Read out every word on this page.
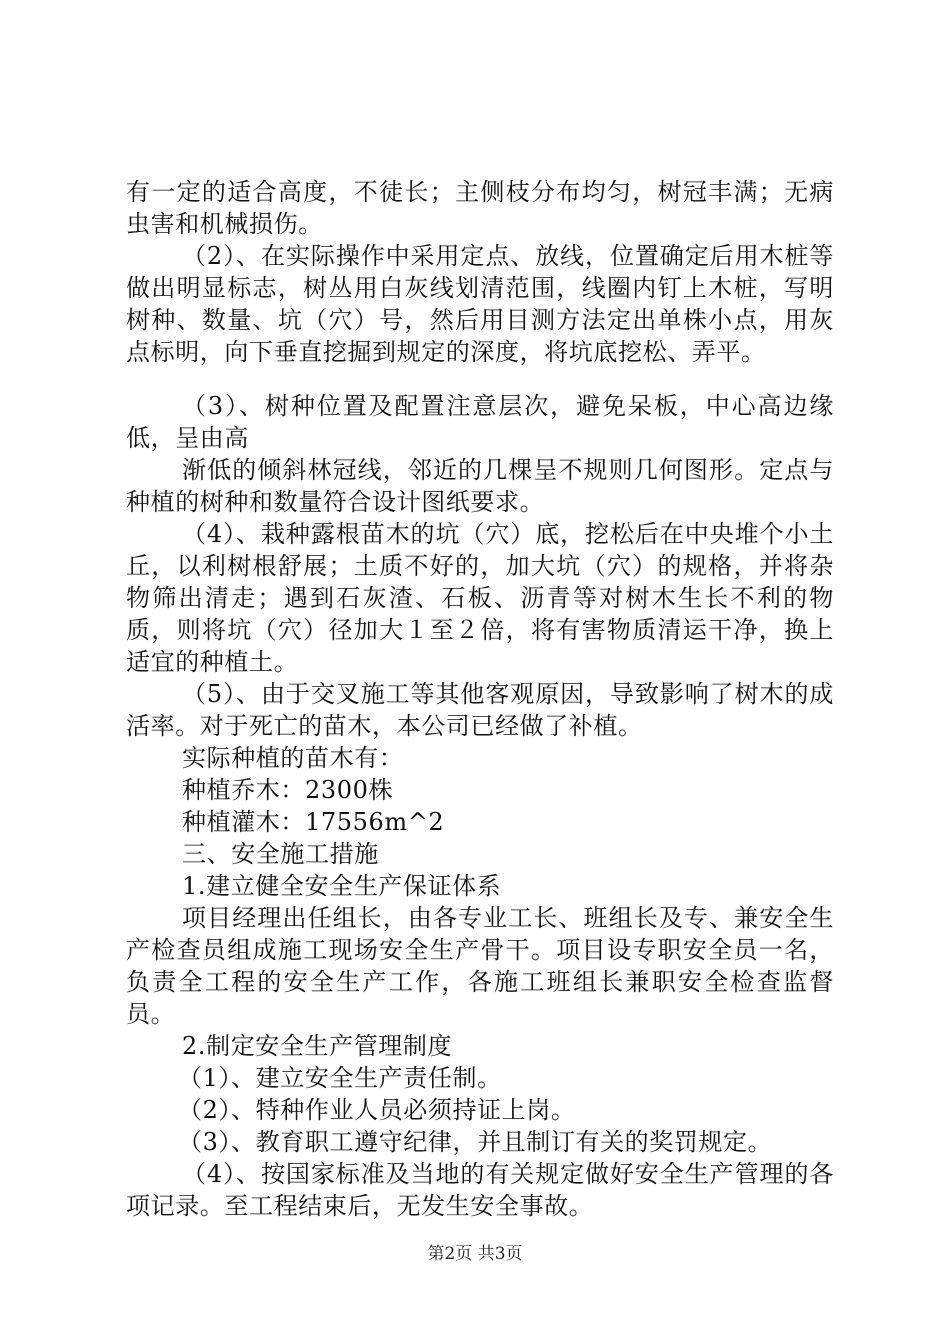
有一定的适合高度，不徒长；主侧枝分布均匀，树冠丰满；无病虫害和机械损伤。

（2）、在实际操作中采用定点、放线，位置确定后用木桩等做出明显标志，树丛用白灰线划清范围，线圈内钉上木桩，写明树种、数量、坑（穴）号，然后用目测方法定出单株小点，用灰点标明，向下垂直挖掘到规定的深度，将坑底挖松、弄平。

（3）、树种位置及配置注意层次，避免呆板，中心高边缘低，呈由高

渐低的倾斜林冠线，邻近的几棵呈不规则几何图形。定点与种植的树种和数量符合设计图纸要求。

（4）、栽种露根苗木的坑（穴）底，挖松后在中央堆个小土丘，以利树根舒展；土质不好的，加大坑（穴）的规格，并将杂物筛出清走；遇到石灰渣、石板、沥青等对树木生长不利的物质，则将坑（穴）径加大１至２倍，将有害物质清运干净，换上适宜的种植土。

（5）、由于交叉施工等其他客观原因，导致影响了树木的成活率。对于死亡的苗木，本公司已经做了补植。

实际种植的苗木有：

种植乔木：2300株

种植灌木：17556m^2

三、安全施工措施

1.建立健全安全生产保证体系

项目经理出任组长，由各专业工长、班组长及专、兼安全生产检查员组成施工现场安全生产骨干。项目设专职安全员一名，负责全工程的安全生产工作，各施工班组长兼职安全检查监督员。

2.制定安全生产管理制度

（1）、建立安全生产责任制。

（2）、特种作业人员必须持证上岗。

（3）、教育职工遵守纪律，并且制订有关的奖罚规定。

（4）、按国家标准及当地的有关规定做好安全生产管理的各项记录。至工程结束后，无发生安全事故。

第2页 共3页
